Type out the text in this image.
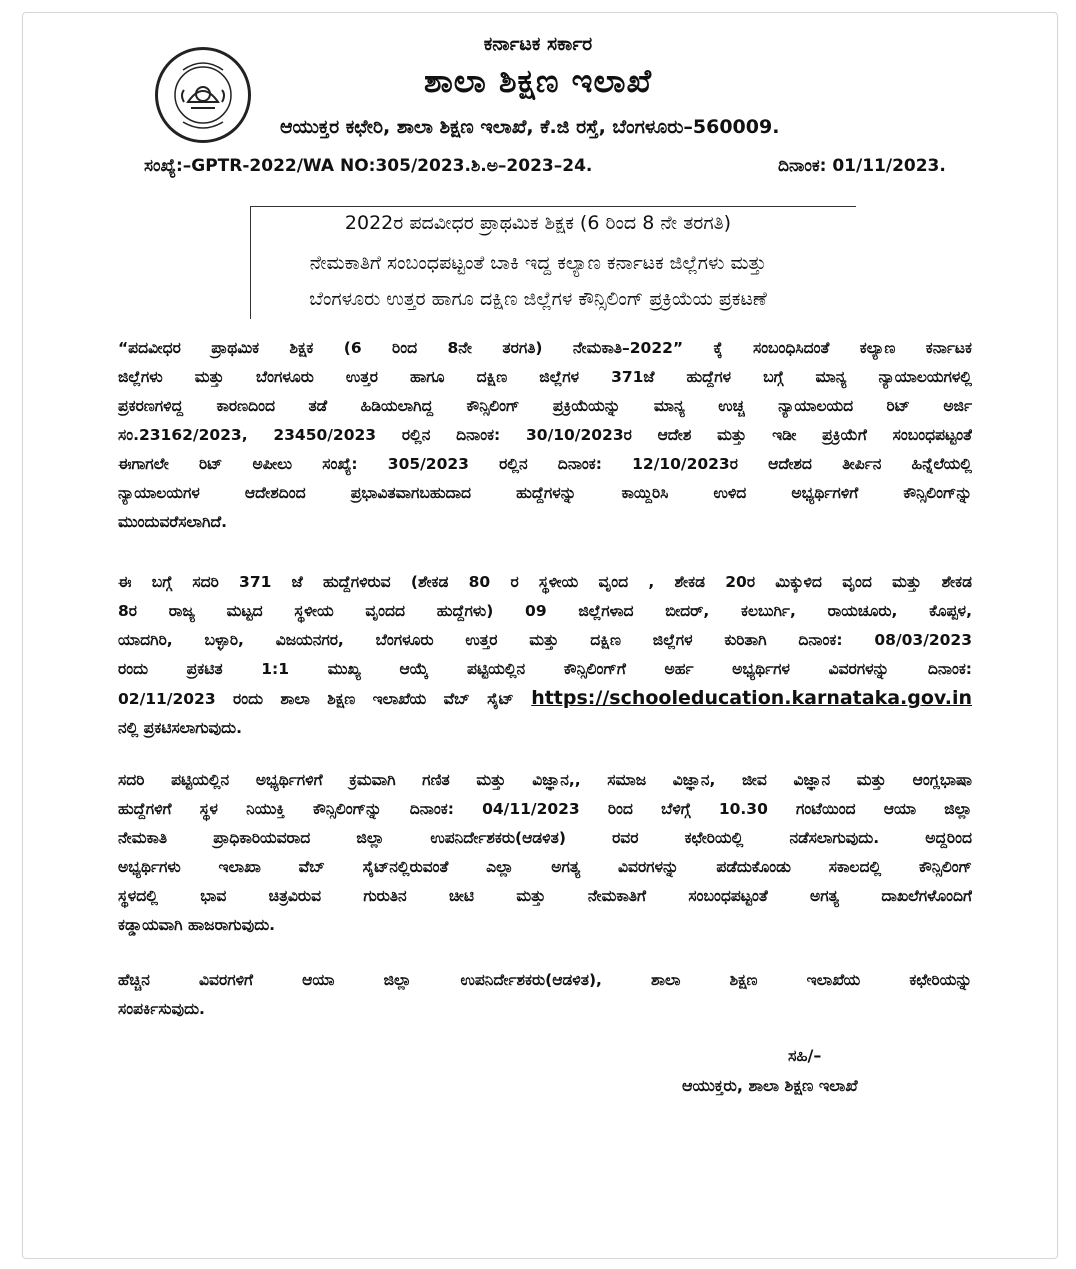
ಕರ್ನಾಟಕ ಸರ್ಕಾರ
ಶಾಲಾ ಶಿಕ್ಷಣ ಇಲಾಖೆ
ಆಯುಕ್ತರ ಕಛೇರಿ, ಶಾಲಾ ಶಿಕ್ಷಣ ಇಲಾಖೆ, ಕೆ.ಜಿ ರಸ್ತೆ, ಬೆಂಗಳೂರು–560009.
ಸಂಖ್ಯೆ:–GPTR-2022/WA NO:305/2023.ಶಿ.ಅ–2023–24.	ದಿನಾಂಕ: 01/11/2023.
2022ರ ಪದವೀಧರ ಪ್ರಾಥಮಿಕ ಶಿಕ್ಷಕ (6 ರಿಂದ 8 ನೇ ತರಗತಿ)
ನೇಮಕಾತಿಗೆ ಸಂಬಂಧಪಟ್ಟಂತೆ ಬಾಕಿ ಇದ್ದ ಕಲ್ಯಾಣ ಕರ್ನಾಟಕ ಜಿಲ್ಲೆಗಳು ಮತ್ತು
ಬೆಂಗಳೂರು ಉತ್ತರ ಹಾಗೂ ದಕ್ಷಿಣ ಜಿಲ್ಲೆಗಳ ಕೌನ್ಸಿಲಿಂಗ್ ಪ್ರಕ್ರಿಯೆಯ ಪ್ರಕಟಣೆ
“ಪದವೀಧರ ಪ್ರಾಥಮಿಕ ಶಿಕ್ಷಕ (6 ರಿಂದ 8ನೇ ತರಗತಿ) ನೇಮಕಾತಿ–2022” ಕ್ಕೆ ಸಂಬಂಧಿಸಿದಂತೆ ಕಲ್ಯಾಣ ಕರ್ನಾಟಕ
ಜಿಲ್ಲೆಗಳು ಮತ್ತು ಬೆಂಗಳೂರು ಉತ್ತರ ಹಾಗೂ ದಕ್ಷಿಣ ಜಿಲ್ಲೆಗಳ 371ಜೆ ಹುದ್ದೆಗಳ ಬಗ್ಗೆ ಮಾನ್ಯ ನ್ಯಾಯಾಲಯಗಳಲ್ಲಿ
ಪ್ರಕರಣಗಳಿದ್ದ ಕಾರಣದಿಂದ ತಡೆ ಹಿಡಿಯಲಾಗಿದ್ದ ಕೌನ್ಸಿಲಿಂಗ್ ಪ್ರಕ್ರಿಯೆಯನ್ನು ಮಾನ್ಯ ಉಚ್ಚ ನ್ಯಾಯಾಲಯದ ರಿಟ್ ಅರ್ಜಿ
ಸಂ.23162/2023, 23450/2023 ರಲ್ಲಿನ ದಿನಾಂಕ: 30/10/2023ರ ಆದೇಶ ಮತ್ತು ಇಡೀ ಪ್ರಕ್ರಿಯೆಗೆ ಸಂಬಂಧಪಟ್ಟಂತೆ
ಈಗಾಗಲೇ ರಿಟ್ ಅಪೀಲು ಸಂಖ್ಯೆ: 305/2023 ರಲ್ಲಿನ ದಿನಾಂಕ: 12/10/2023ರ ಆದೇಶದ ತೀರ್ಪಿನ ಹಿನ್ನೆಲೆಯಲ್ಲಿ
ನ್ಯಾಯಾಲಯಗಳ ಆದೇಶದಿಂದ ಪ್ರಭಾವಿತವಾಗಬಹುದಾದ ಹುದ್ದೆಗಳನ್ನು ಕಾಯ್ದಿರಿಸಿ ಉಳಿದ ಅಭ್ಯರ್ಥಿಗಳಿಗೆ ಕೌನ್ಸಿಲಿಂಗ್‌ನ್ನು
ಮುಂದುವರೆಸಲಾಗಿದೆ.
ಈ ಬಗ್ಗೆ ಸದರಿ 371 ಜೆ ಹುದ್ದೆಗಳಿರುವ (ಶೇಕಡ 80 ರ ಸ್ಥಳೀಯ ವೃಂದ , ಶೇಕಡ 20ರ ಮಿಕ್ಕುಳಿದ ವೃಂದ ಮತ್ತು ಶೇಕಡ
8ರ ರಾಜ್ಯ ಮಟ್ಟದ ಸ್ಥಳೀಯ ವೃಂದದ ಹುದ್ದೆಗಳು) 09 ಜಿಲ್ಲೆಗಳಾದ ಬೀದರ್, ಕಲಬುರ್ಗಿ, ರಾಯಚೂರು, ಕೊಪ್ಪಳ,
ಯಾದಗಿರಿ, ಬಳ್ಳಾರಿ, ವಿಜಯನಗರ, ಬೆಂಗಳೂರು ಉತ್ತರ ಮತ್ತು ದಕ್ಷಿಣ ಜಿಲ್ಲೆಗಳ ಕುರಿತಾಗಿ ದಿನಾಂಕ: 08/03/2023
ರಂದು ಪ್ರಕಟಿತ 1:1 ಮುಖ್ಯ ಆಯ್ಕೆ ಪಟ್ಟಿಯಲ್ಲಿನ ಕೌನ್ಸಿಲಿಂಗ್‌ಗೆ ಅರ್ಹ ಅಭ್ಯರ್ಥಿಗಳ ವಿವರಗಳನ್ನು ದಿನಾಂಕ:
02/11/2023 ರಂದು ಶಾಲಾ ಶಿಕ್ಷಣ ಇಲಾಖೆಯ ವೆಬ್ ಸೈಟ್ https://schooleducation.karnataka.gov.in
ನಲ್ಲಿ ಪ್ರಕಟಿಸಲಾಗುವುದು.
ಸದರಿ ಪಟ್ಟಿಯಲ್ಲಿನ ಅಭ್ಯರ್ಥಿಗಳಿಗೆ ಕ್ರಮವಾಗಿ ಗಣಿತ ಮತ್ತು ವಿಜ್ಞಾನ,, ಸಮಾಜ ವಿಜ್ಞಾನ, ಜೀವ ವಿಜ್ಞಾನ ಮತ್ತು ಆಂಗ್ಲಭಾಷಾ
ಹುದ್ದೆಗಳಿಗೆ ಸ್ಥಳ ನಿಯುಕ್ತಿ ಕೌನ್ಸಿಲಿಂಗ್‌ನ್ನು ದಿನಾಂಕ: 04/11/2023 ರಿಂದ ಬೆಳಿಗ್ಗೆ 10.30 ಗಂಟೆಯಿಂದ ಆಯಾ ಜಿಲ್ಲಾ
ನೇಮಕಾತಿ ಪ್ರಾಧಿಕಾರಿಯವರಾದ ಜಿಲ್ಲಾ ಉಪನಿರ್ದೇಶಕರು(ಆಡಳಿತ) ರವರ ಕಛೇರಿಯಲ್ಲಿ ನಡೆಸಲಾಗುವುದು. ಅದ್ದರಿಂದ
ಅಭ್ಯರ್ಥಿಗಳು ಇಲಾಖಾ ವೆಬ್ ಸೈಟ್‌ನಲ್ಲಿರುವಂತೆ ಎಲ್ಲಾ ಅಗತ್ಯ ವಿವರಗಳನ್ನು ಪಡೆದುಕೊಂಡು ಸಕಾಲದಲ್ಲಿ ಕೌನ್ಸಿಲಿಂಗ್
ಸ್ಥಳದಲ್ಲಿ ಭಾವ ಚಿತ್ರವಿರುವ ಗುರುತಿನ ಚೀಟಿ ಮತ್ತು ನೇಮಕಾತಿಗೆ ಸಂಬಂಧಪಟ್ಟಂತೆ ಅಗತ್ಯ ದಾಖಲೆಗಳೊಂದಿಗೆ
ಕಡ್ಡಾಯವಾಗಿ ಹಾಜರಾಗುವುದು.
ಹೆಚ್ಚಿನ ವಿವರಗಳಿಗೆ ಆಯಾ ಜಿಲ್ಲಾ ಉಪನಿರ್ದೇಶಕರು(ಆಡಳಿತ), ಶಾಲಾ ಶಿಕ್ಷಣ ಇಲಾಖೆಯ ಕಛೇರಿಯನ್ನು
ಸಂಪರ್ಕಿಸುವುದು.
ಸಹಿ/–
ಆಯುಕ್ತರು, ಶಾಲಾ ಶಿಕ್ಷಣ ಇಲಾಖೆ
